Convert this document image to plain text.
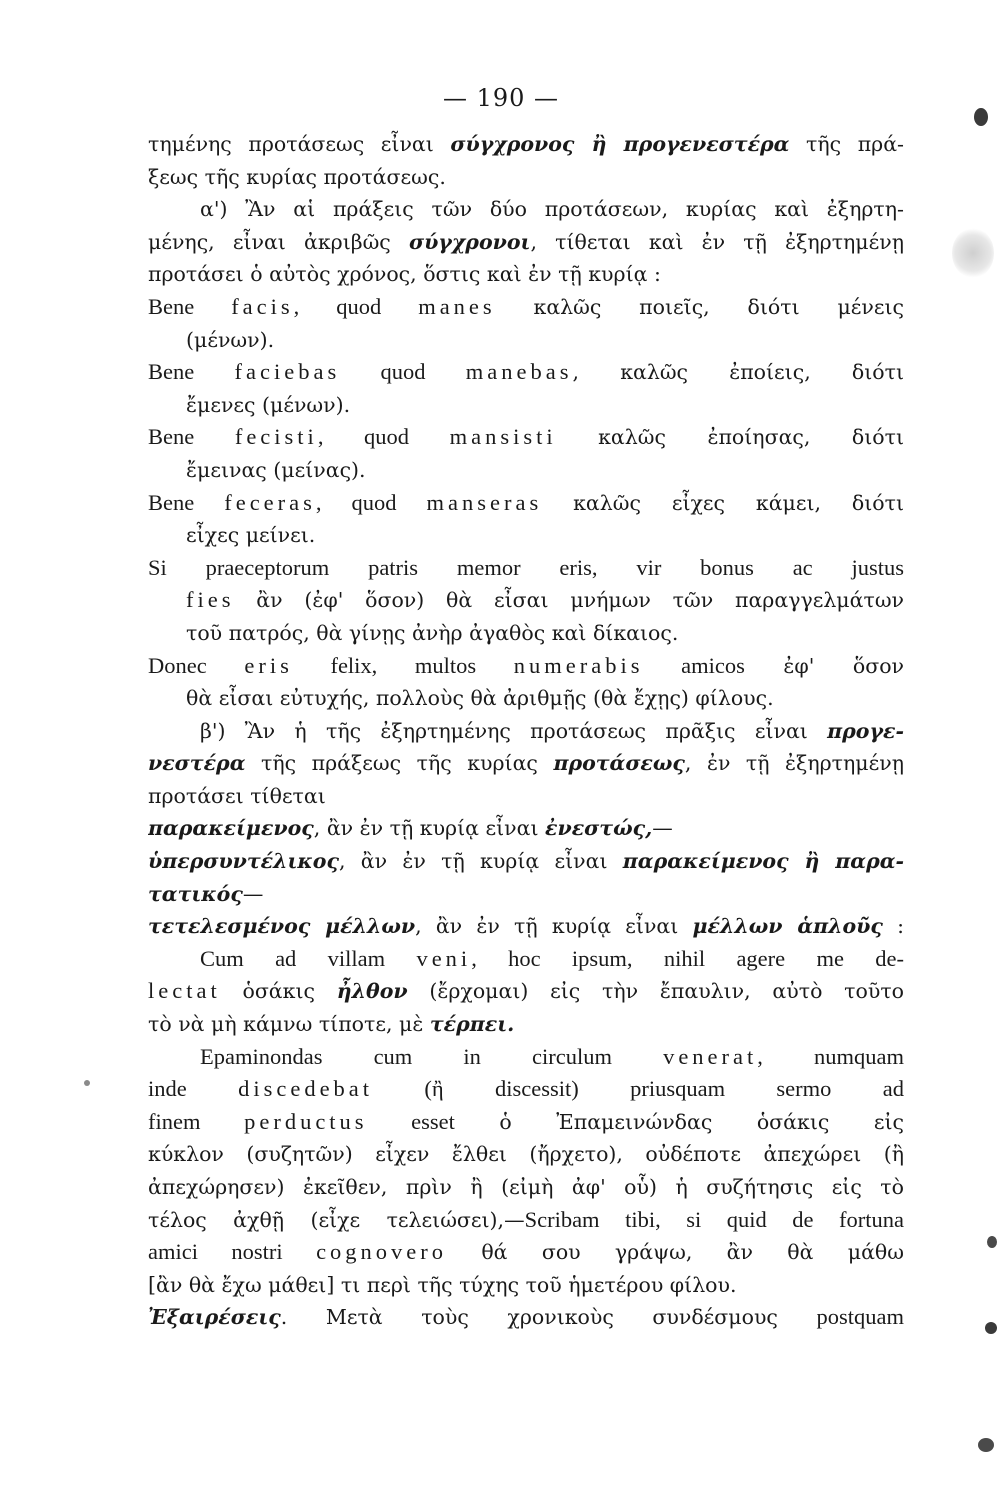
— 190 —
τημένης προτάσεως εἶναι σύγχρονος ἢ προγενεστέρα τῆς πρά-
ξεως τῆς κυρίας προτάσεως.
α') Ἂν αἱ πράξεις τῶν δύο προτάσεων, κυρίας καὶ ἐξηρτη-
μένης, εἶναι ἀκριβῶς σύγχρονοι, τίθεται καὶ ἐν τῇ ἐξηρτημένῃ
προτάσει ὁ αὐτὸς χρόνος, ὅστις καὶ ἐν τῇ κυρίᾳ :
Bene facis, quod manes καλῶς ποιεῖς, διότι μένεις
(μένων).
Bene faciebas quod manebas, καλῶς ἐποίεις, διότι
ἔμενες (μένων).
Bene fecisti, quod mansisti καλῶς ἐποίησας, διότι
ἔμεινας (μείνας).
Bene feceras, quod manseras καλῶς εἶχες κάμει, διότι
εἶχες μείνει.
Si praeceptorum patris memor eris, vir bonus ac justus
fies ἂν (ἐφ' ὅσον) θὰ εἶσαι μνήμων τῶν παραγγελμάτων
τοῦ πατρός, θὰ γίνῃς ἀνὴρ ἀγαθὸς καὶ δίκαιος.
Donec eris felix, multos numerabis amicos ἐφ' ὅσον
θὰ εἶσαι εὐτυχής, πολλοὺς θὰ ἀριθμῇς (θὰ ἔχῃς) φίλους.
β') Ἂν ἡ τῆς ἐξηρτημένης προτάσεως πρᾶξις εἶναι προγε-
νεστέρα τῆς πράξεως τῆς κυρίας προτάσεως, ἐν τῇ ἐξηρτημένῃ
προτάσει τίθεται
παρακείμενος, ἂν ἐν τῇ κυρίᾳ εἶναι ἐνεστώς,—
ὑπερσυντέλικος, ἂν ἐν τῇ κυρίᾳ εἶναι παρακείμενος ἢ παρα-
τατικός—
τετελεσμένος μέλλων, ἂν ἐν τῇ κυρίᾳ εἶναι μέλλων ἁπλοῦς :
Cum ad villam veni, hoc ipsum, nihil agere me de-
lectat ὁσάκις ἦλθον (ἔρχομαι) εἰς τὴν ἔπαυλιν, αὐτὸ τοῦτο
τὸ νὰ μὴ κάμνω τίποτε, μὲ τέρπει.
Epaminondas cum in circulum venerat, numquam
inde discedebat (ἢ discessit) priusquam sermo ad
finem perductus esset ὁ Ἐπαμεινώνδας ὁσάκις εἰς
κύκλον (συζητῶν) εἶχεν ἔλθει (ἤρχετο), οὐδέποτε ἀπεχώρει (ἢ
ἀπεχώρησεν) ἐκεῖθεν, πρὶν ἢ (εἰμὴ ἀφ' οὗ) ἡ συζήτησις εἰς τὸ
τέλος ἀχθῇ (εἶχε τελειώσει),—Scribam tibi, si quid de fortuna
amici nostri cognovero θά σου γράψω, ἂν θὰ μάθω
[ἂν θὰ ἔχω μάθει] τι περὶ τῆς τύχης τοῦ ἡμετέρου φίλου.
Ἐξαιρέσεις. Μετὰ τοὺς χρονικοὺς συνδέσμους postquam
